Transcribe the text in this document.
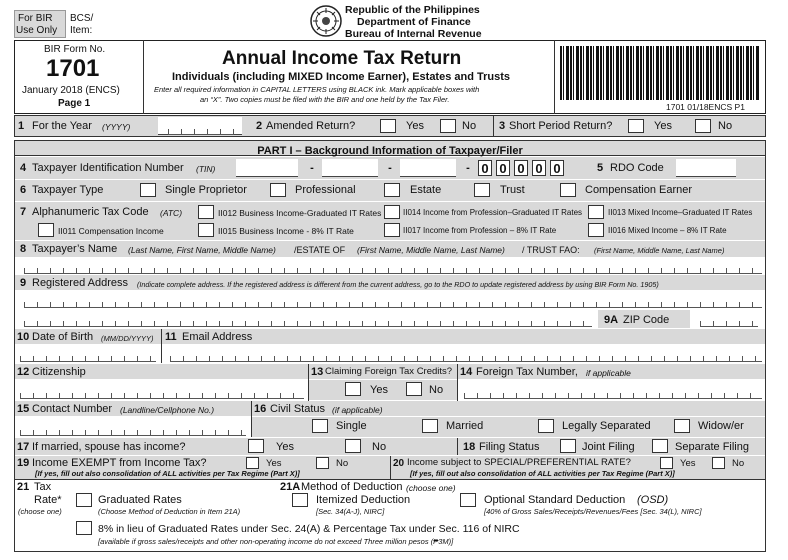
For BIR
Use Only
BCS/
Item:
Republic of the Philippines
Department of Finance
Bureau of Internal Revenue
BIR Form No.
1701
January 2018 (ENCS)
Page 1
Annual Income Tax Return
Individuals (including MIXED Income Earner), Estates and Trusts
Enter all required information in CAPITAL LETTERS using BLACK ink. Mark applicable boxes with
an “X”. Two copies must be filed with the BIR and one held by the Tax Filer.
1701 01/18ENCS P1
1 For the Year (YYYY)	2 Amended Return?	Yes	No 3 Short Period Return?	Yes	No
PART I – Background Information of Taxpayer/Filer
4 Taxpayer Identification Number (TIN)	-	-	- 0 0 0 0 0	5 RDO Code
6 Taxpayer Type	Single Proprietor	Professional	Estate	Trust	Compensation Earner
7 Alphanumeric Tax Code (ATC)	II012 Business Income-Graduated IT Rates	II014 Income from Profession–Graduated IT Rates	II013 Mixed Income–Graduated IT Rates
II011 Compensation Income	II015 Business Income - 8% IT Rate	II017 Income from Profession – 8% IT Rate	II016 Mixed Income – 8% IT Rate
8 Taxpayer’s Name (Last Name, First Name, Middle Name) /ESTATE OF (First Name, Middle Name, Last Name) / TRUST FAO: (First Name, Middle Name, Last Name)
9 Registered Address (Indicate complete address. If the registered address is different from the current address, go to the RDO to update registered address by using BIR Form No. 1905)
9A ZIP Code
10 Date of Birth (MM/DD/YYYY) 11 Email Address
12 Citizenship	13 Claiming Foreign Tax Credits?
Yes	No
14 Foreign Tax Number, if applicable
15 Contact Number (Landline/Cellphone No.)	16 Civil Status (if applicable)
Single	Married	Legally Separated	Widow/er
17 If married, spouse has income?	Yes	No	18 Filing Status	Joint Filing	Separate Filing
19 Income EXEMPT from Income Tax?	Yes	No
[If yes, fill out also consolidation of ALL activities per Tax Regime (Part X)]
20 Income subject to SPECIAL/PREFERENTIAL RATE?	Yes	No
[If yes, fill out also consolidation of ALL activities per Tax Regime (Part X)]
21 Tax
Rate*
(choose one)
Graduated Rates
(Choose Method of Deduction in Item 21A)
21A Method of Deduction (choose one)
Itemized Deduction
[Sec. 34(A-J), NIRC]
Optional Standard Deduction (OSD)
[40% of Gross Sales/Receipts/Revenues/Fees [Sec. 34(L), NIRC]
8% in lieu of Graduated Rates under Sec. 24(A) & Percentage Tax under Sec. 116 of NIRC
[available if gross sales/receipts and other non-operating income do not exceed Three million pesos (₱3M)]
